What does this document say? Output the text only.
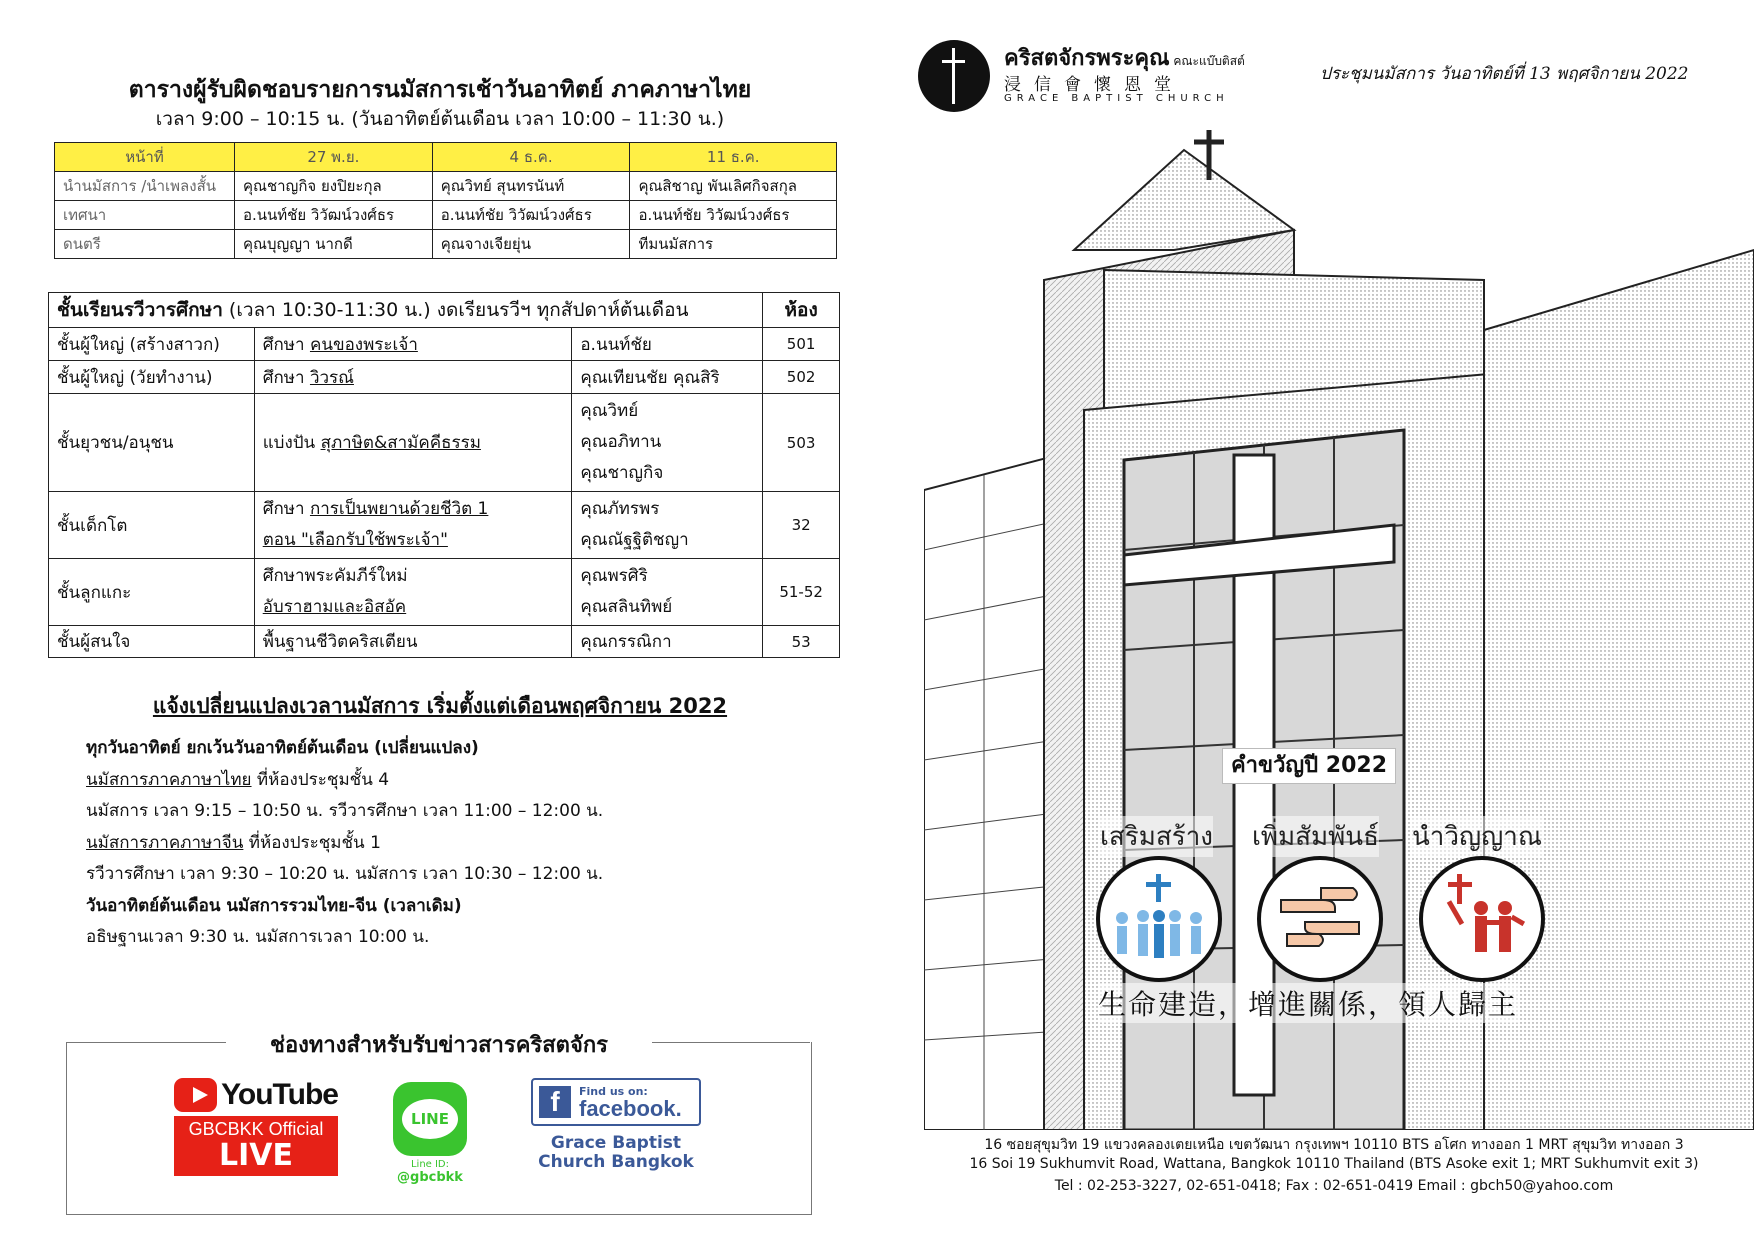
ตารางผู้รับผิดชอบรายการนมัสการเช้าวันอาทิตย์ ภาคภาษาไทย
เวลา 9:00 – 10:15 น. (วันอาทิตย์ต้นเดือน เวลา 10:00 – 11:30 น.)
หน้าที่	27 พ.ย.	4 ธ.ค.	11 ธ.ค.
นำนมัสการ /นำเพลงสั้น	คุณชาญกิจ ยงปิยะกุล	คุณวิทย์ สุนทรนันท์	คุณสิชาญ พันเลิศกิจสกุล
เทศนา	อ.นนท์ชัย วิวัฒน์วงศ์ธร	อ.นนท์ชัย วิวัฒน์วงศ์ธร	อ.นนท์ชัย วิวัฒน์วงศ์ธร
ดนตรี	คุณบุญญา นากดี	คุณจางเจียยุ่น	ทีมนมัสการ
ชั้นเรียนรวีวารศึกษา (เวลา 10:30-11:30 น.) งดเรียนรวีฯ ทุกสัปดาห์ต้นเดือน			ห้อง
ชั้นผู้ใหญ่ (สร้างสาวก)	ศึกษา คนของพระเจ้า	อ.นนท์ชัย	501
ชั้นผู้ใหญ่ (วัยทำงาน)	ศึกษา วิวรณ์	คุณเทียนชัย คุณสิริ	502
ชั้นยุวชน/อนุชน	แบ่งปัน สุภาษิต&สามัคคีธรรม	คุณวิทย์
คุณอภิทาน
คุณชาญกิจ	503
ชั้นเด็กโต	ศึกษา การเป็นพยานด้วยชีวิต 1
ตอน "เลือกรับใช้พระเจ้า"	คุณภัทรพร
คุณณัฐฐิติชญา	32
ชั้นลูกแกะ	ศึกษาพระคัมภีร์ใหม่
อับราฮามและอิสอัค	คุณพรศิริ
คุณสลินทิพย์	51-52
ชั้นผู้สนใจ	พื้นฐานชีวิตคริสเตียน	คุณกรรณิกา	53
แจ้งเปลี่ยนแปลงเวลานมัสการ เริ่มตั้งแต่เดือนพฤศจิกายน 2022
ทุกวันอาทิตย์ ยกเว้นวันอาทิตย์ต้นเดือน (เปลี่ยนแปลง)
นมัสการภาคภาษาไทย ที่ห้องประชุมชั้น 4
นมัสการ เวลา 9:15 – 10:50 น. รวีวารศึกษา เวลา 11:00 – 12:00 น.
นมัสการภาคภาษาจีน ที่ห้องประชุมชั้น 1
รวีวารศึกษา เวลา 9:30 – 10:20 น. นมัสการ เวลา 10:30 – 12:00 น.
วันอาทิตย์ต้นเดือน นมัสการรวมไทย-จีน (เวลาเดิม)
อธิษฐานเวลา 9:30 น. นมัสการเวลา 10:00 น.
ช่องทางสำหรับรับข่าวสารคริสตจักร
YouTube
GBCBKK Official
LIVE
LINE
Line ID:
@gbcbkk
f	Find us on:
facebook.
Grace Baptist
Church Bangkok
คริสตจักรพระคุณ คณะแบ๊บติสต์
浸信會懷恩堂
GRACE BAPTIST CHURCH
ประชุมนมัสการ วันอาทิตย์ที่ 13 พฤศจิกายน 2022
คำขวัญปี 2022
เสริมสร้าง เพิ่มสัมพันธ์ นำวิญญาณ
生命建造，增進關係，領人歸主
16 ซอยสุขุมวิท 19 แขวงคลองเตยเหนือ เขตวัฒนา กรุงเทพฯ 10110 BTS อโศก ทางออก 1 MRT สุขุมวิท ทางออก 3
16 Soi 19 Sukhumvit Road, Wattana, Bangkok 10110 Thailand (BTS Asoke exit 1; MRT Sukhumvit exit 3)
Tel : 02-253-3227, 02-651-0418; Fax : 02-651-0419 Email : gbch50@yahoo.com
